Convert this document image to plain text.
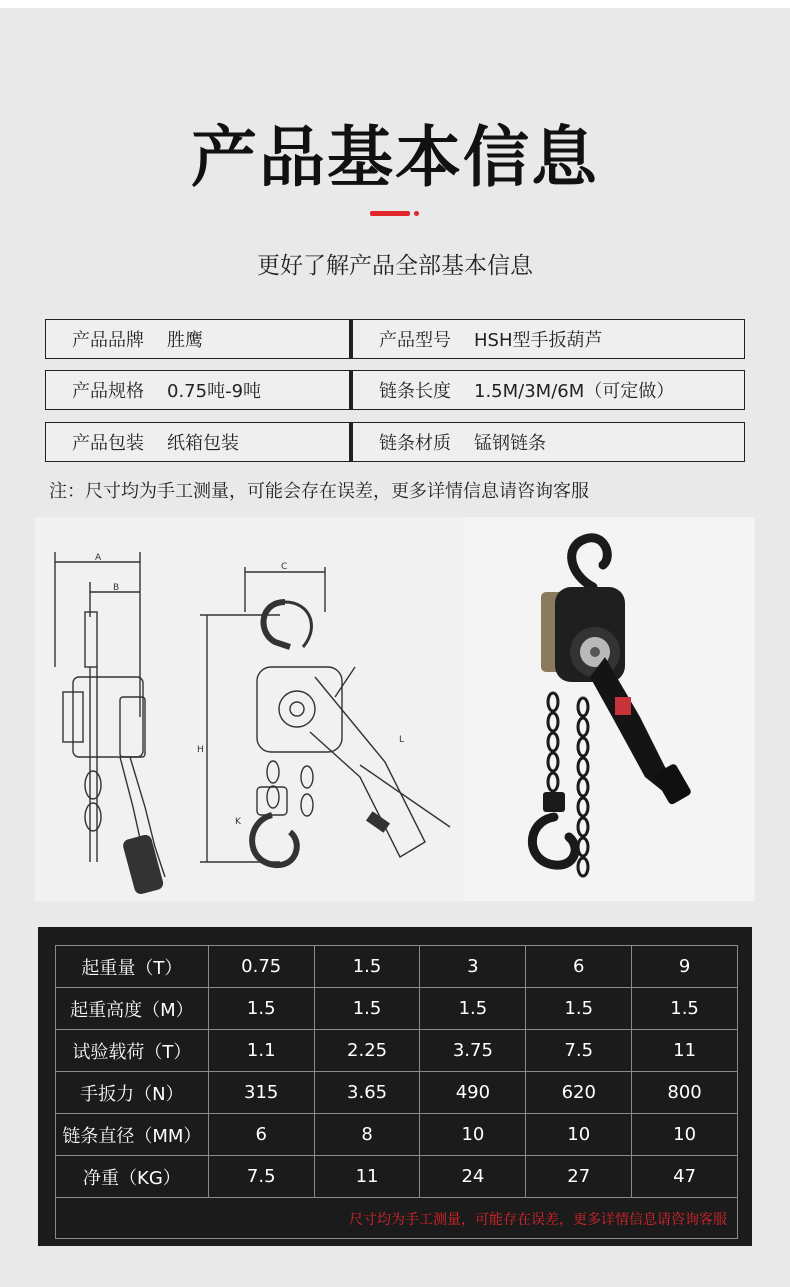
产品基本信息
更好了解产品全部基本信息
产品品牌	胜鹰	产品型号	HSH型手扳葫芦
产品规格	0.75吨-9吨	链条长度	1.5M/3M/6M（可定做）
产品包装	纸箱包装	链条材质	锰钢链条
注：尺寸均为手工测量，可能会存在误差，更多详情信息请咨询客服
A
B
C
H
L
K
起重量（T）	0.75	1.5	3	6	9
起重高度（M）	1.5	1.5	1.5	1.5	1.5
试验载荷（T）	1.1	2.25	3.75	7.5	11
手扳力（N）	315	3.65	490	620	800
链条直径（MM）	6	8	10	10	10
净重（KG）	7.5	11	24	27	47
尺寸均为手工测量，可能存在误差，更多详情信息请咨询客服
